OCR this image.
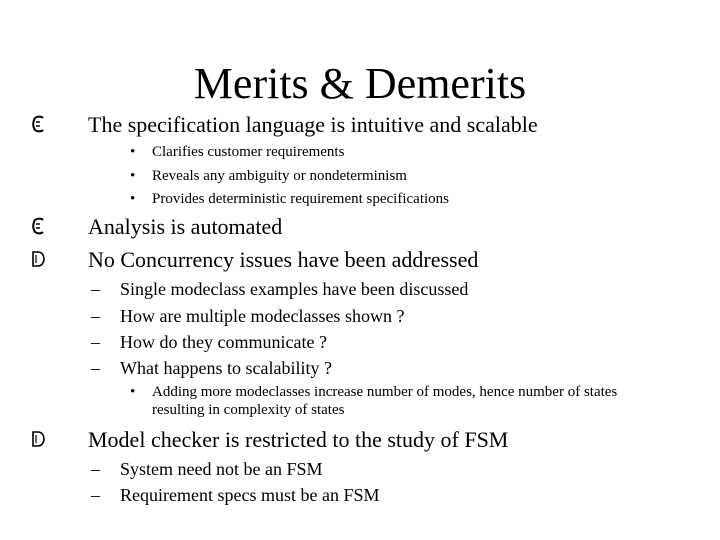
Merits & Demerits
The specification language is intuitive and scalable
• Clarifies customer requirements
• Reveals any ambiguity or nondeterminism
• Provides deterministic requirement specifications
Analysis is automated
No Concurrency issues have been addressed
– Single modeclass examples have been discussed
– How are multiple modeclasses shown ?
– How do they communicate ?
– What happens to scalability ?
• Adding more modeclasses increase number of modes, hence number of states resulting in complexity of states
Model checker is restricted to the study of FSM
– System need not be an FSM
– Requirement specs must be an FSM
